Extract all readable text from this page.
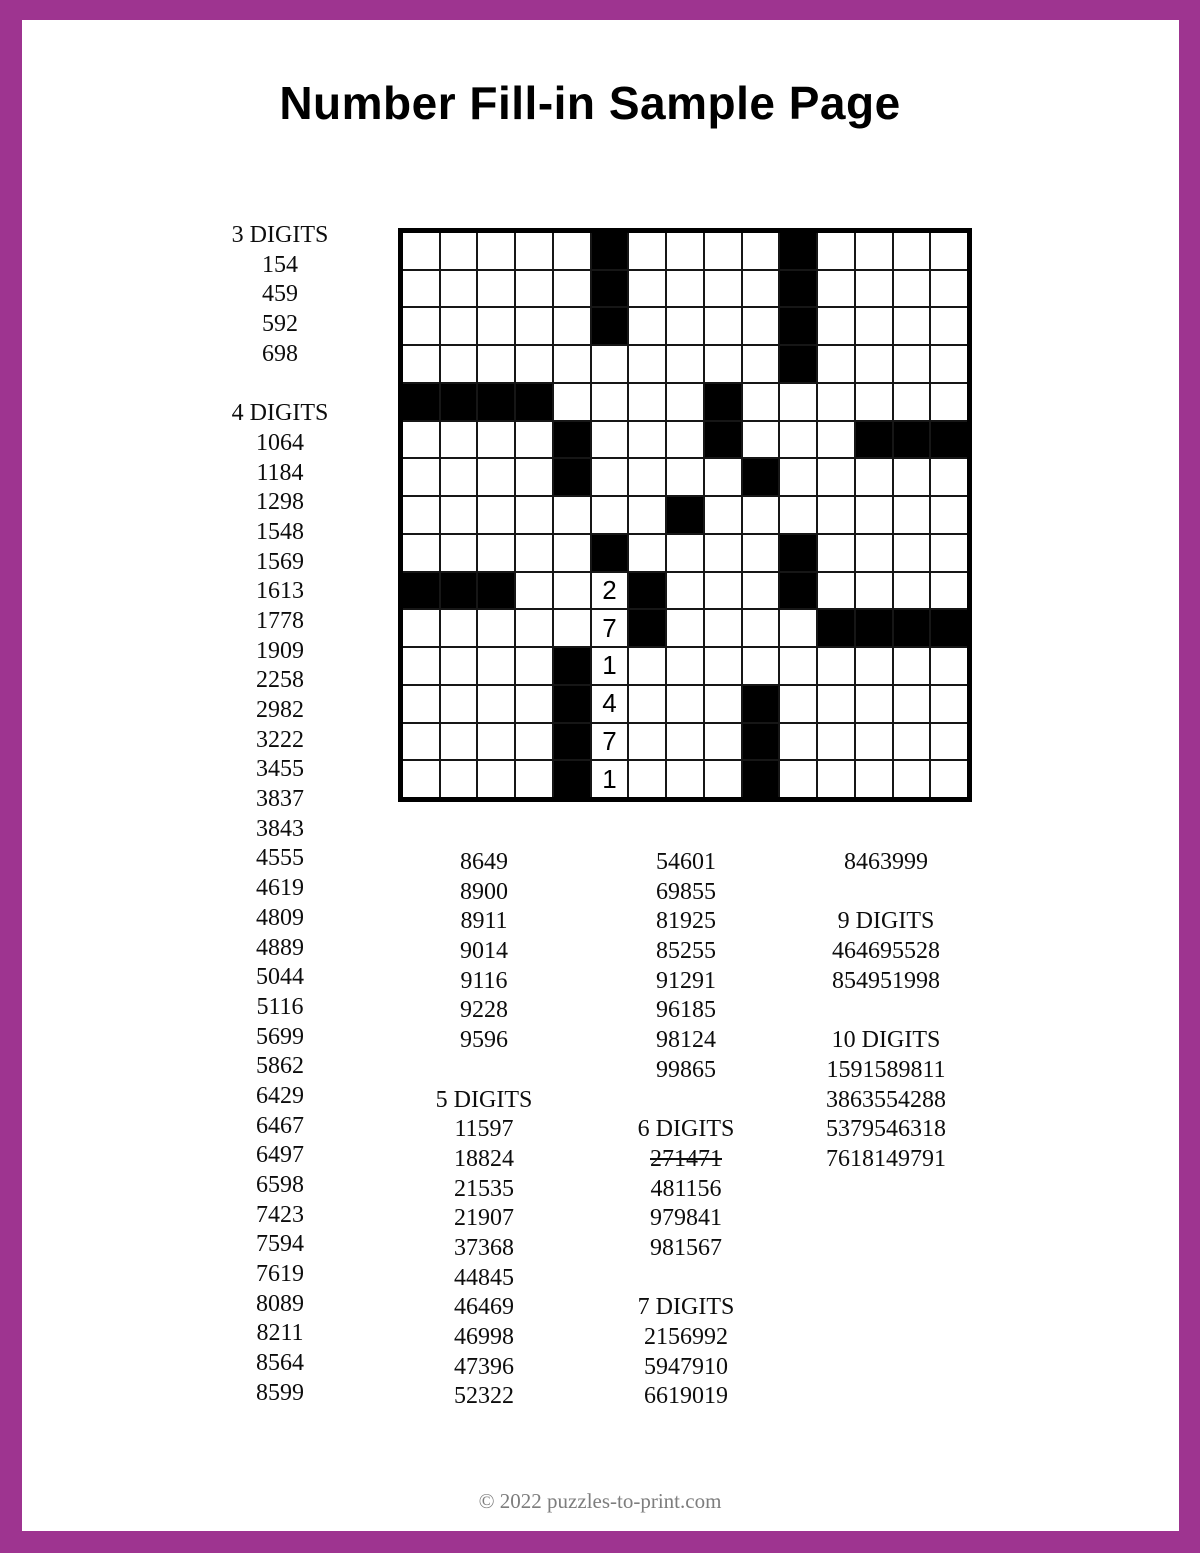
Number Fill-in Sample Page
2
7
1
4
7
1
3 DIGITS
154
459
592
698
4 DIGITS
1064
1184
1298
1548
1569
1613
1778
1909
2258
2982
3222
3455
3837
3843
4555
4619
4809
4889
5044
5116
5699
5862
6429
6467
6497
6598
7423
7594
7619
8089
8211
8564
8599
8649
8900
8911
9014
9116
9228
9596
5 DIGITS
11597
18824
21535
21907
37368
44845
46469
46998
47396
52322
54601
69855
81925
85255
91291
96185
98124
99865
6 DIGITS
271471
481156
979841
981567
7 DIGITS
2156992
5947910
6619019
8463999
9 DIGITS
464695528
854951998
10 DIGITS
1591589811
3863554288
5379546318
7618149791
© 2022 puzzles-to-print.com
